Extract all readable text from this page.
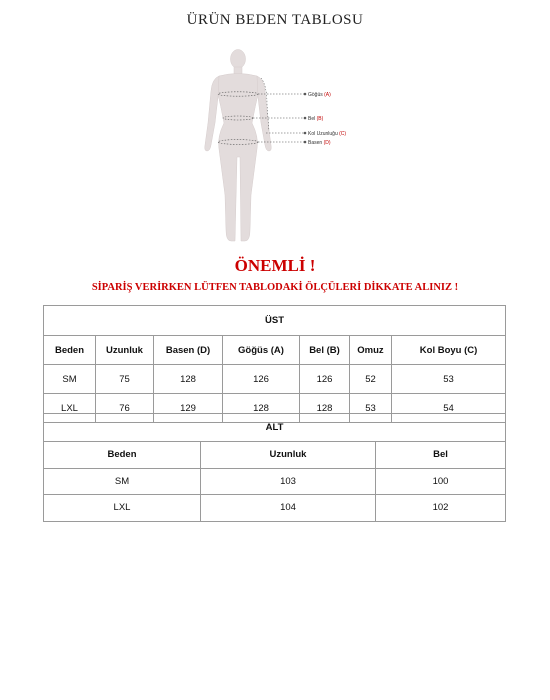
ÜRÜN BEDEN TABLOSU
Göğüs (A)
Bel (B)
Kol Uzunluğu (C)
Basen (D)
ÖNEMLİ !
SİPARİŞ VERİRKEN LÜTFEN TABLODAKİ ÖLÇÜLERİ DİKKATE ALINIZ !
ÜST						
Beden	Uzunluk	Basen (D)	Göğüs (A)	Bel (B)	Omuz	Kol Boyu (C)
SM	75	128	126	126	52	53
LXL	76	129	128	128	53	54
ALT		
Beden	Uzunluk	Bel
SM	103	100
LXL	104	102
